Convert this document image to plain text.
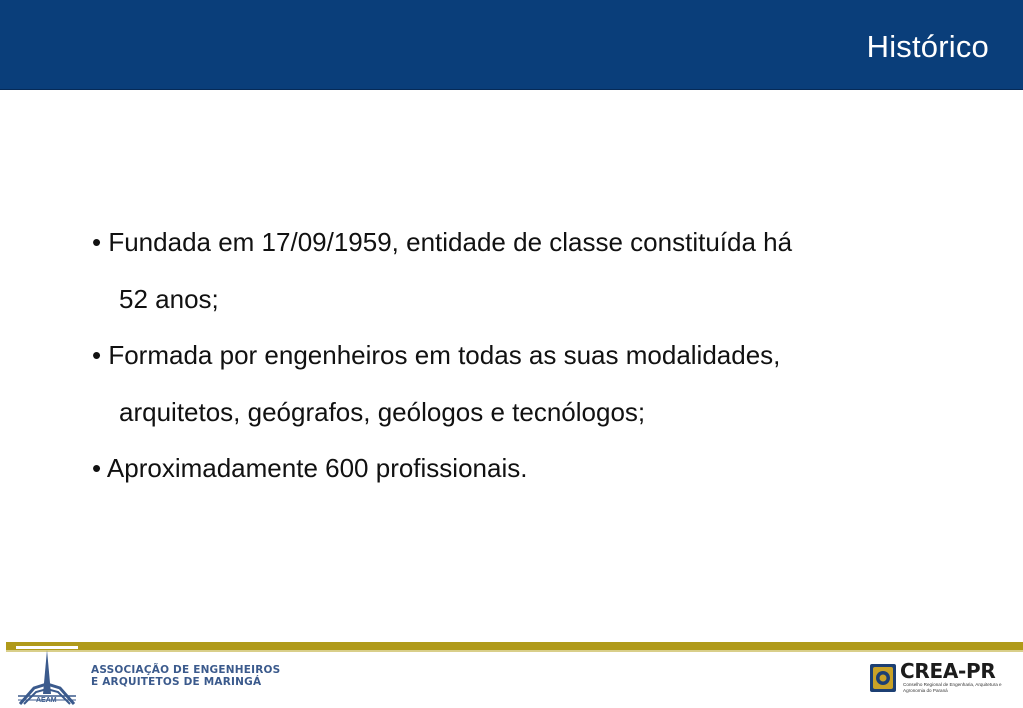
Histórico
• Fundada em 17/09/1959, entidade de classe constituída há
52 anos;
• Formada por engenheiros em todas as suas modalidades,
arquitetos, geógrafos, geólogos e tecnólogos;
• Aproximadamente 600 profissionais.
AEAM
ASSOCIAÇÃO DE ENGENHEIROS
E ARQUITETOS DE MARINGÁ	CREA-PR
Conselho Regional de Engenharia, Arquitetura e Agronomia do Paraná
